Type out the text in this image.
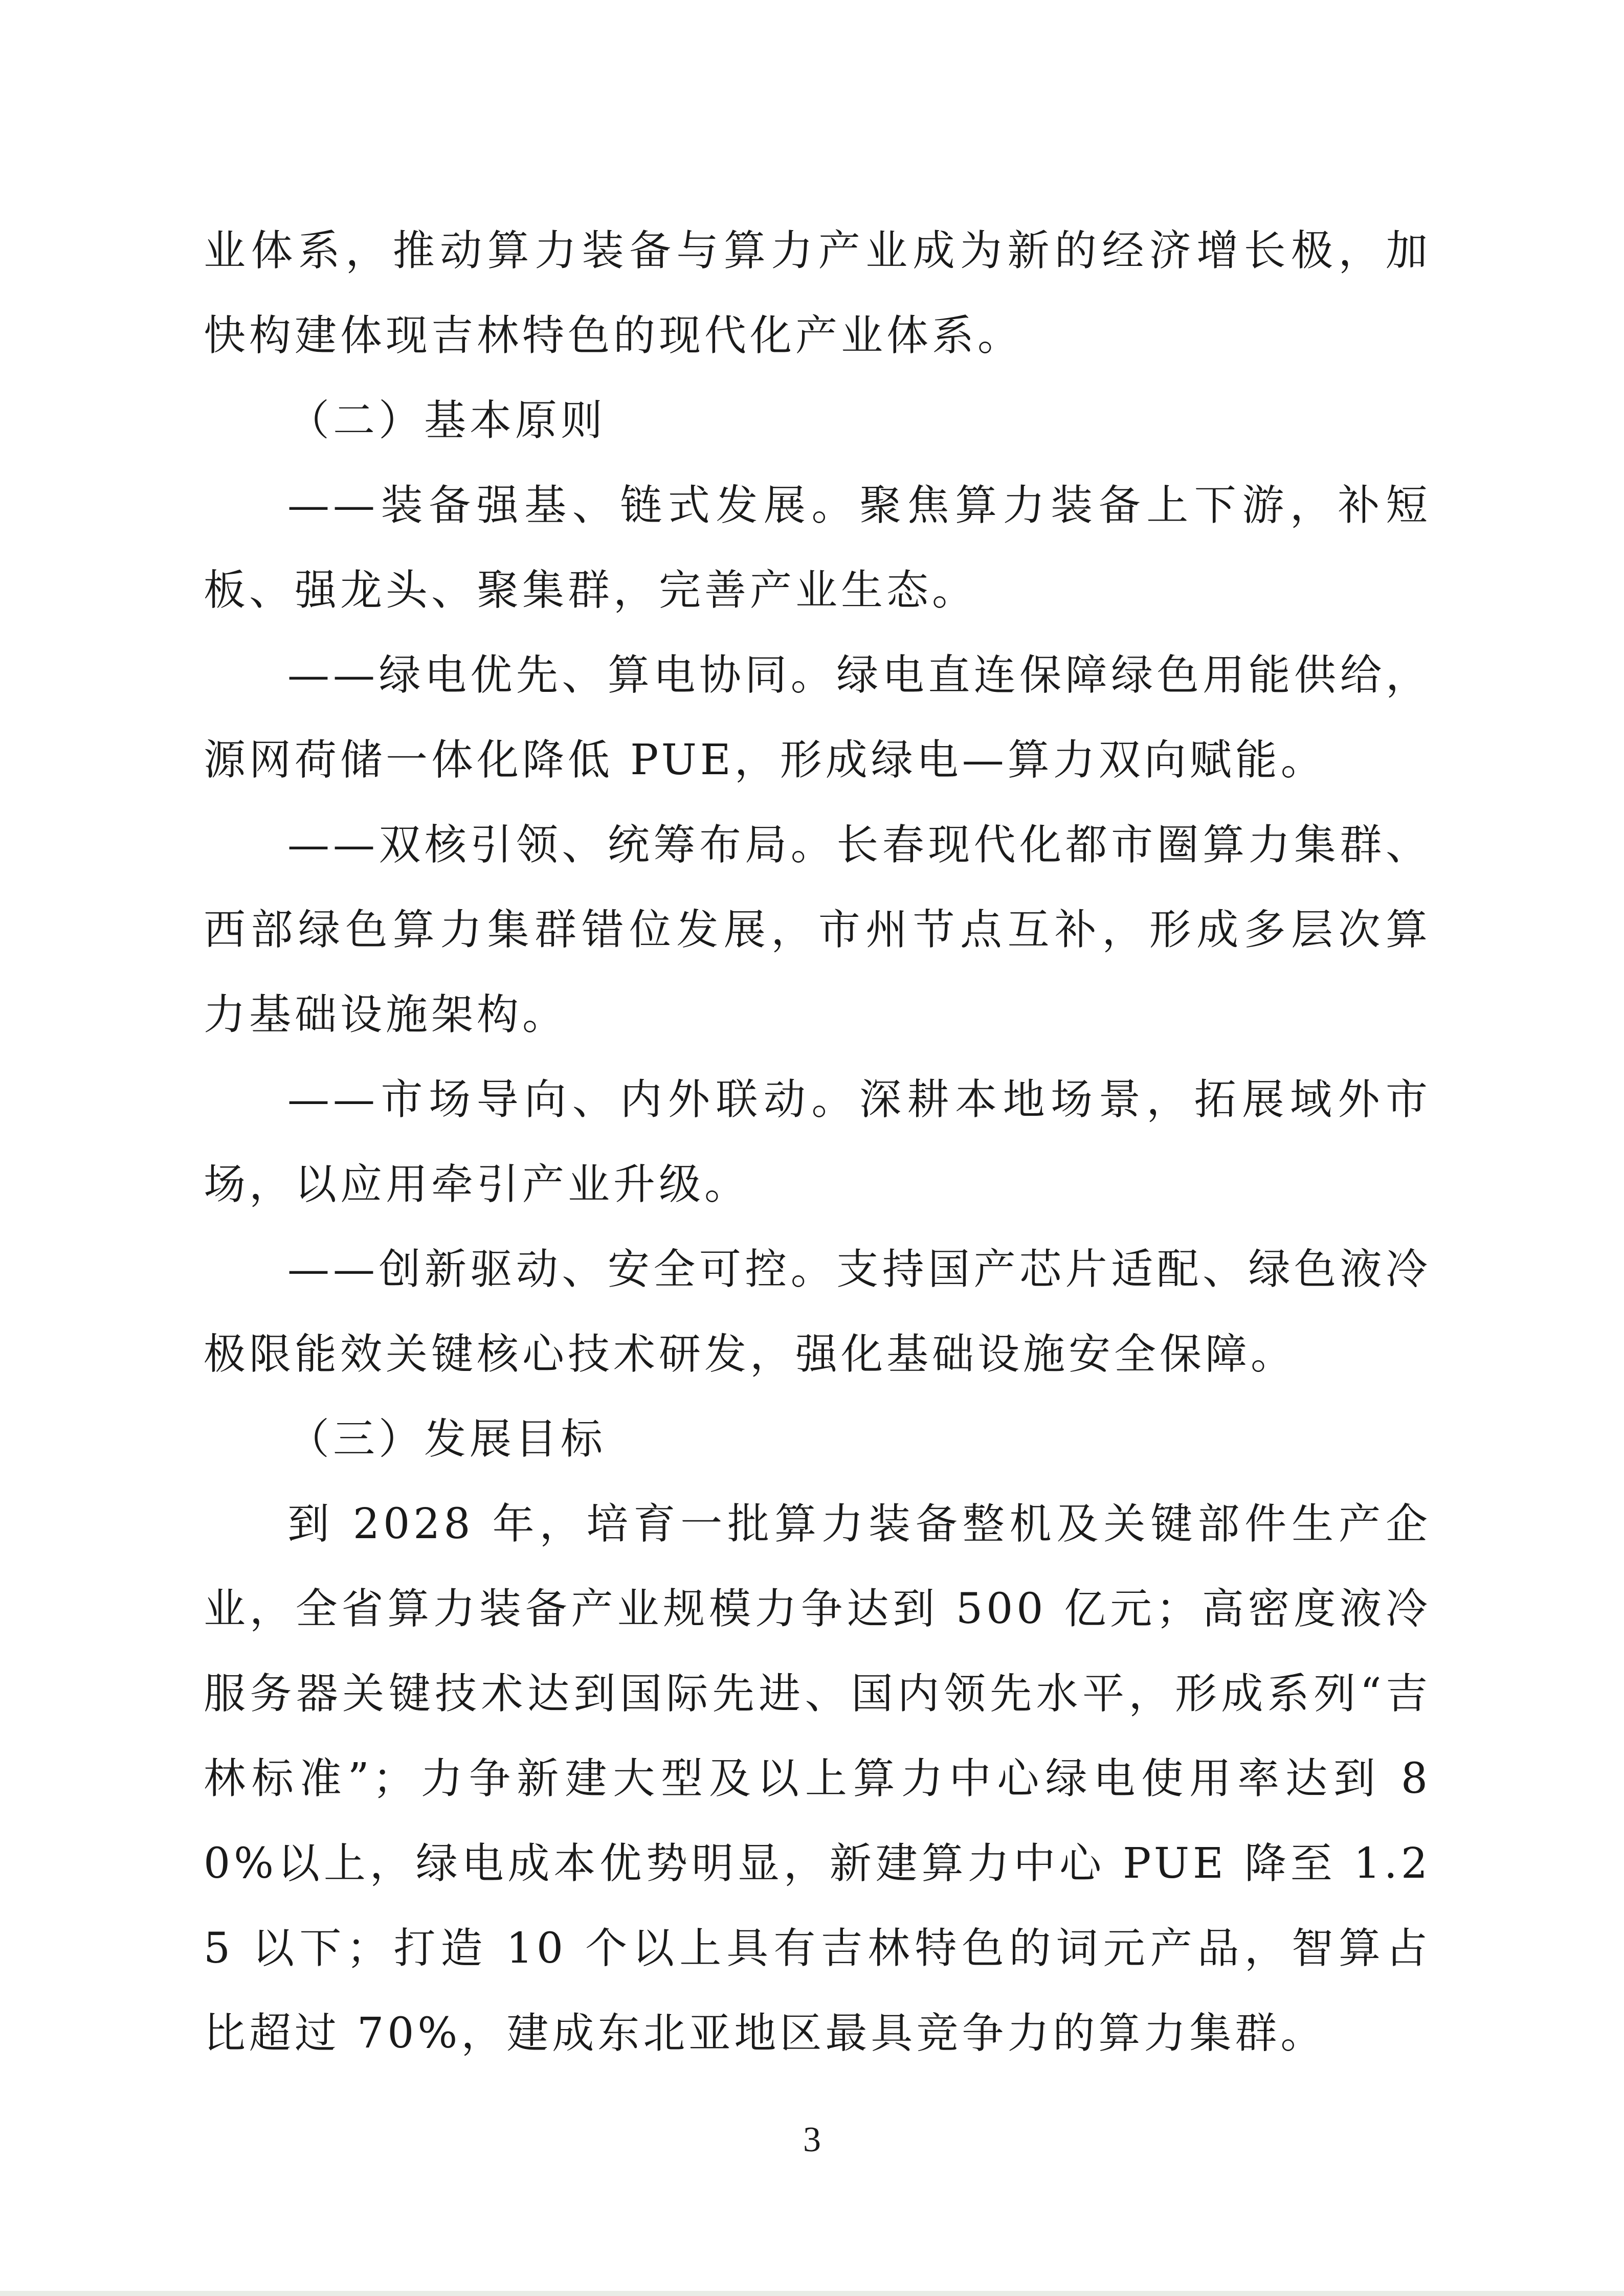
业体系，推动算力装备与算力产业成为新的经济增长极，加快构建体现吉林特色的现代化产业体系。

（二）基本原则

——装备强基、链式发展。聚焦算力装备上下游，补短板、强龙头、聚集群，完善产业生态。

——绿电优先、算电协同。绿电直连保障绿色用能供给，源网荷储一体化降低 PUE，形成绿电—算力双向赋能。

——双核引领、统筹布局。长春现代化都市圈算力集群、西部绿色算力集群错位发展，市州节点互补，形成多层次算力基础设施架构。

——市场导向、内外联动。深耕本地场景，拓展域外市场，以应用牵引产业升级。

——创新驱动、安全可控。支持国产芯片适配、绿色液冷极限能效关键核心技术研发，强化基础设施安全保障。

（三）发展目标

到 2028 年，培育一批算力装备整机及关键部件生产企业，全省算力装备产业规模力争达到 500 亿元；高密度液冷服务器关键技术达到国际先进、国内领先水平，形成系列“吉林标准”；力争新建大型及以上算力中心绿电使用率达到 80%以上，绿电成本优势明显，新建算力中心 PUE 降至 1.25 以下；打造 10 个以上具有吉林特色的词元产品，智算占比超过 70%，建成东北亚地区最具竞争力的算力集群。

3
